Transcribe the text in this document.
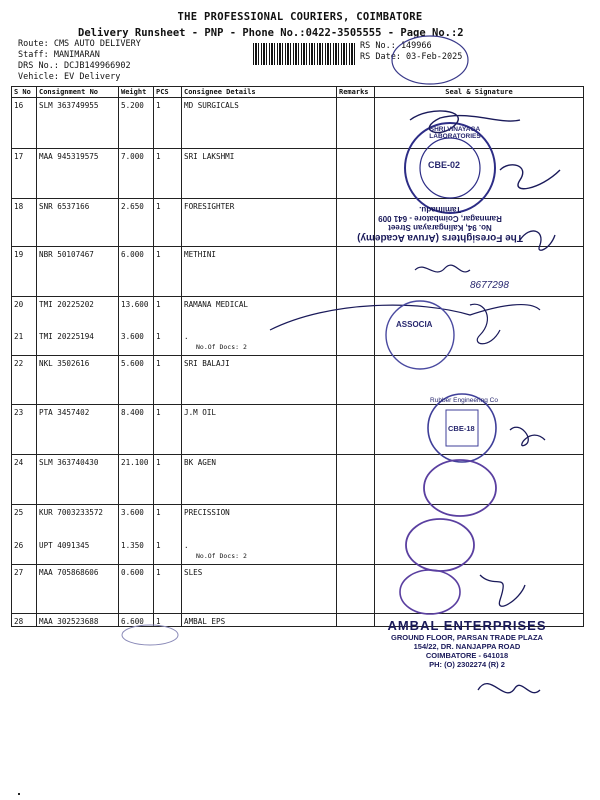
THE PROFESSIONAL COURIERS, COIMBATORE
Delivery Runsheet - PNP - Phone No.:0422-3505555 - Page No.:2
Route: CMS AUTO DELIVERY
Staff: MANIMARAN
DRS No.: DCJB149966902
Vehicle: EV Delivery
RS No.: 149966
RS Date: 03-Feb-2025
S No	Consignment No	Weight	PCS	Consignee Details	Remarks	Seal & Signature
16	SLM 363749955	5.200	1	MD SURGICALS		
17	MAA 945319575	7.000	1	SRI LAKSHMI		
18	SNR 6537166	2.650	1	FORESIGHTER		
19	NBR 50107467	6.000	1	METHINI		
20	TMI 20225202	13.600	1	RAMANA MEDICAL		
21	TMI 20225194	3.600	1	.
No.Of Docs: 2		

22	NKL 3502616	5.600	1	SRI BALAJI		
23	PTA 3457402	8.400	1	J.M OIL		
24	SLM 363740430	21.100	1	BK AGEN		
25	KUR 7003233572	3.600	1	PRECISSION		
26	UPT 4091345	1.350	1	.
No.Of Docs: 2		

27	MAA 705868606	0.600	1	SLES		
28	MAA 302523688	6.600	1	AMBAL EPS		
The Foresighters (Aruva Academy)
No. 94, Kalingarayan Street
Ramnagar, Coimbatore - 641 009
Tamilnadu.
CBE-02
SHRI VINAYAGA LABORATORIES
ASSOCIA
Rubber Engineering Co
CBE-18
8677298
AMBAL ENTERPRISES
GROUND FLOOR, PARSAN TRADE PLAZA
154/22, DR. NANJAPPA ROAD
COIMBATORE - 641018
PH: (O) 2302274 (R) 2
